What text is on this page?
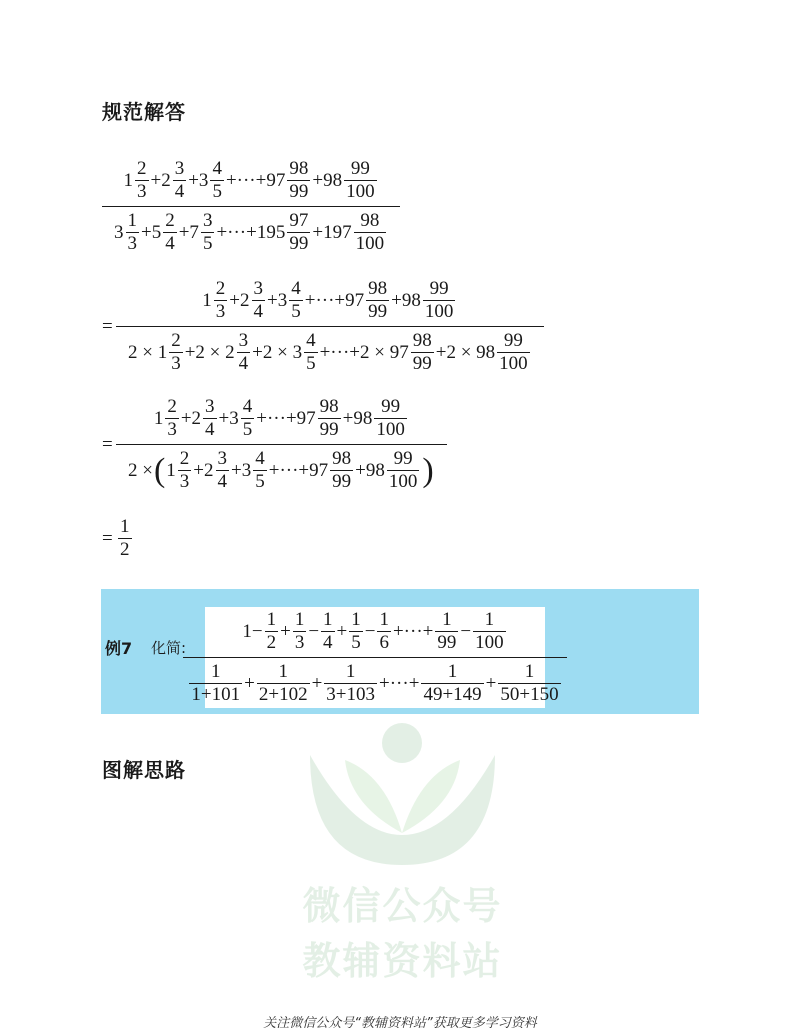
规范解答
$1 \frac{2}{3} +2 \frac{3}{4} +3 \frac{4}{5} +\cdot\cdot\cdot+97 \frac{98}{99} +98 \frac{99}{100}$
$3 \frac{1}{3} +5 \frac{2}{4} +7 \frac{3}{5} +\cdot\cdot\cdot+195 \frac{97}{99} +197 \frac{98}{100}$
=
$1 \frac{2}{3} +2 \frac{3}{4} +3 \frac{4}{5} +\cdot\cdot\cdot+97 \frac{98}{99} +98 \frac{99}{100}$
$2 \times 1 \frac{2}{3} +2 \times 2 \frac{3}{4} +2 \times 3 \frac{4}{5} +\cdot\cdot\cdot+2 \times 97 \frac{98}{99} +2 \times 98 \frac{99}{100}$
=
$1 \frac{2}{3} +2 \frac{3}{4} +3 \frac{4}{5} +\cdot\cdot\cdot+97 \frac{98}{99} +98 \frac{99}{100}$
2 × ( $1 \frac{2}{3} +2 \frac{3}{4} +3 \frac{4}{5} +\cdot\cdot\cdot+97 \frac{98}{99} +98 \frac{99}{100}$ )
= $\frac{1}{2}$
例7 化简:
$1- \frac{1}{2} + \frac{1}{3} - \frac{1}{4} + \frac{1}{5} - \frac{1}{6}$ +···+ $\frac{1}{99} - \frac{1}{100}$
$\frac{1}{1+101} + \frac{1}{2+102} + \frac{1}{3+103}$ +···+ $\frac{1}{49+149} + \frac{1}{50+150}$
图解思路
微信公众号
教辅资料站
关注微信公众号“教辅资料站”获取更多学习资料
